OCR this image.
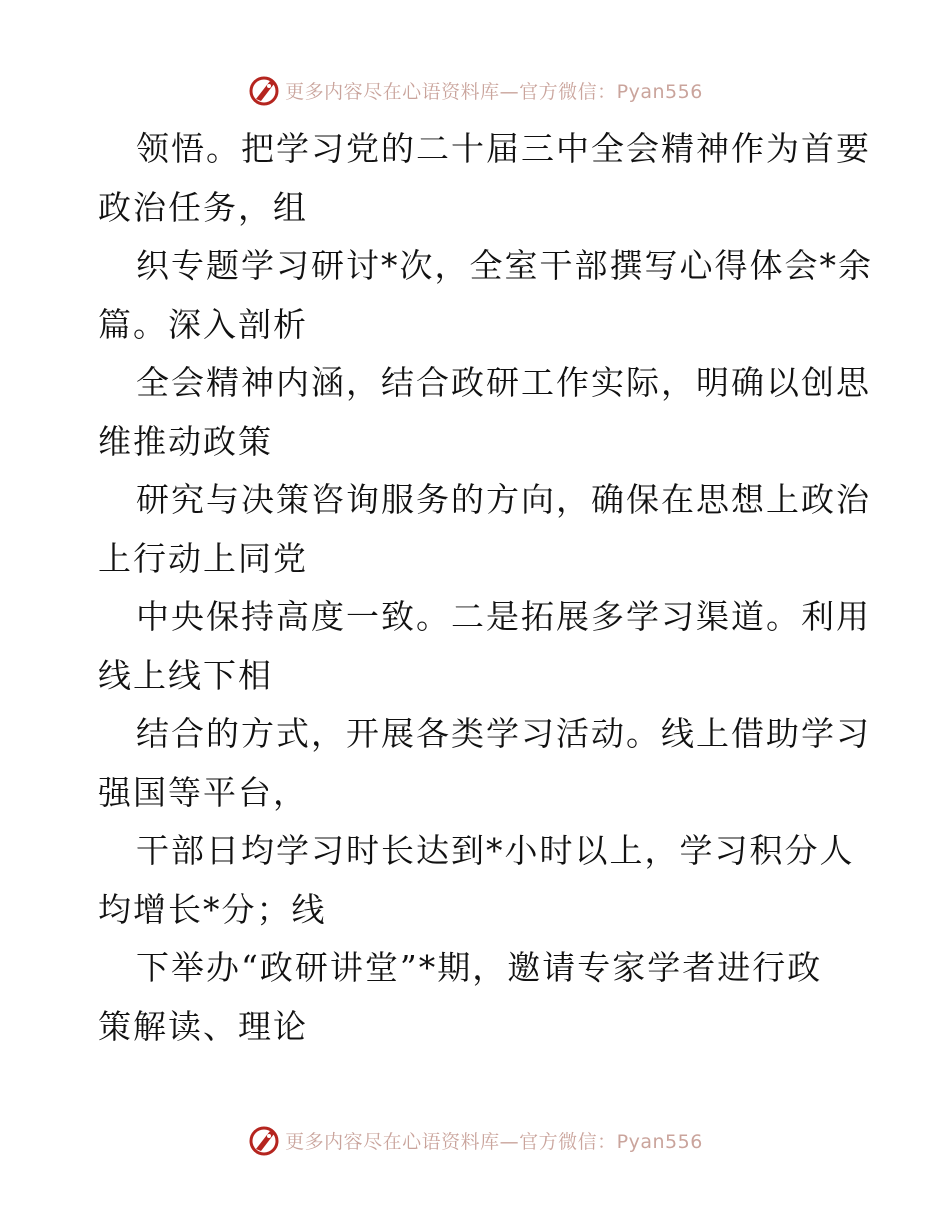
更多内容尽在心语资料库—官方微信：Pyan556
领悟。把学习党的二十届三中全会精神作为首要
政治任务，组
织专题学习研讨*次，全室干部撰写心得体会*余
篇。深入剖析
全会精神内涵，结合政研工作实际，明确以创思
维推动政策
研究与决策咨询服务的方向，确保在思想上政治
上行动上同党
中央保持高度一致。二是拓展多学习渠道。利用
线上线下相
结合的方式，开展各类学习活动。线上借助学习
强国等平台，
干部日均学习时长达到*小时以上，学习积分人
均增长*分；线
下举办“政研讲堂”*期，邀请专家学者进行政
策解读、理论
更多内容尽在心语资料库—官方微信：Pyan556
